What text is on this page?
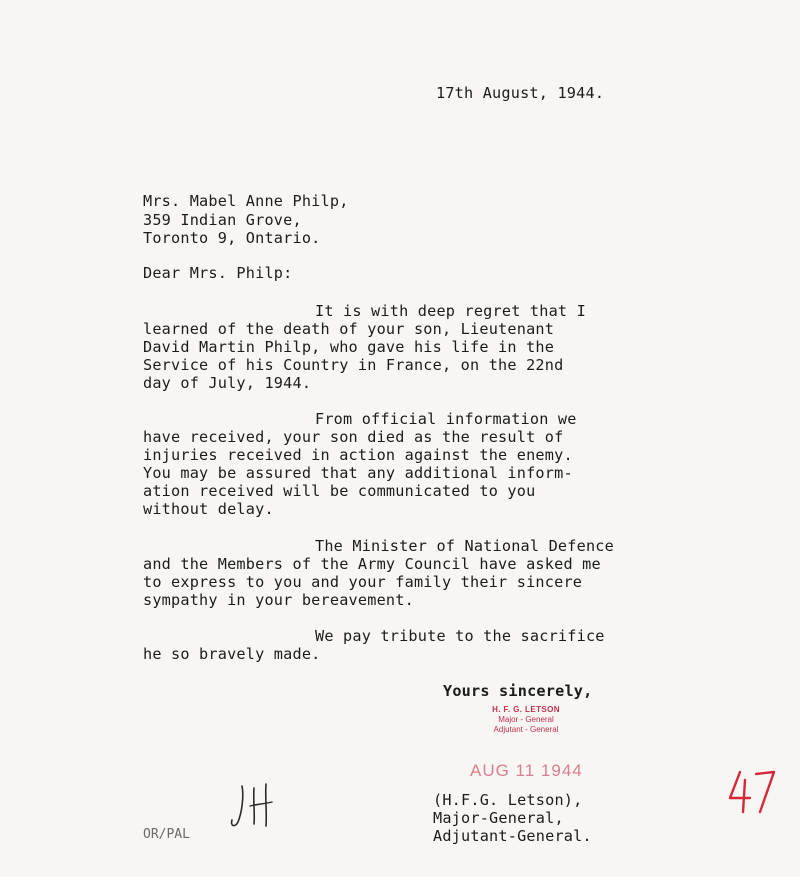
17th August, 1944.
Mrs. Mabel Anne Philp,
359 Indian Grove,
Toronto 9, Ontario.
Dear Mrs. Philp:
It is with deep regret that I
learned of the death of your son, Lieutenant
David Martin Philp, who gave his life in the
Service of his Country in France, on the 22nd
day of July, 1944.
From official information we
have received, your son died as the result of
injuries received in action against the enemy.
You may be assured that any additional inform-
ation received will be communicated to you
without delay.
The Minister of National Defence
and the Members of the Army Council have asked me
to express to you and your family their sincere
sympathy in your bereavement.
We pay tribute to the sacrifice
he so bravely made.
Yours sincerely,
H. F. G. LETSON
Major - General
Adjutant - General
AUG 11 1944
(H.F.G. Letson),
Major-General,
Adjutant-General.
OR/PAL
